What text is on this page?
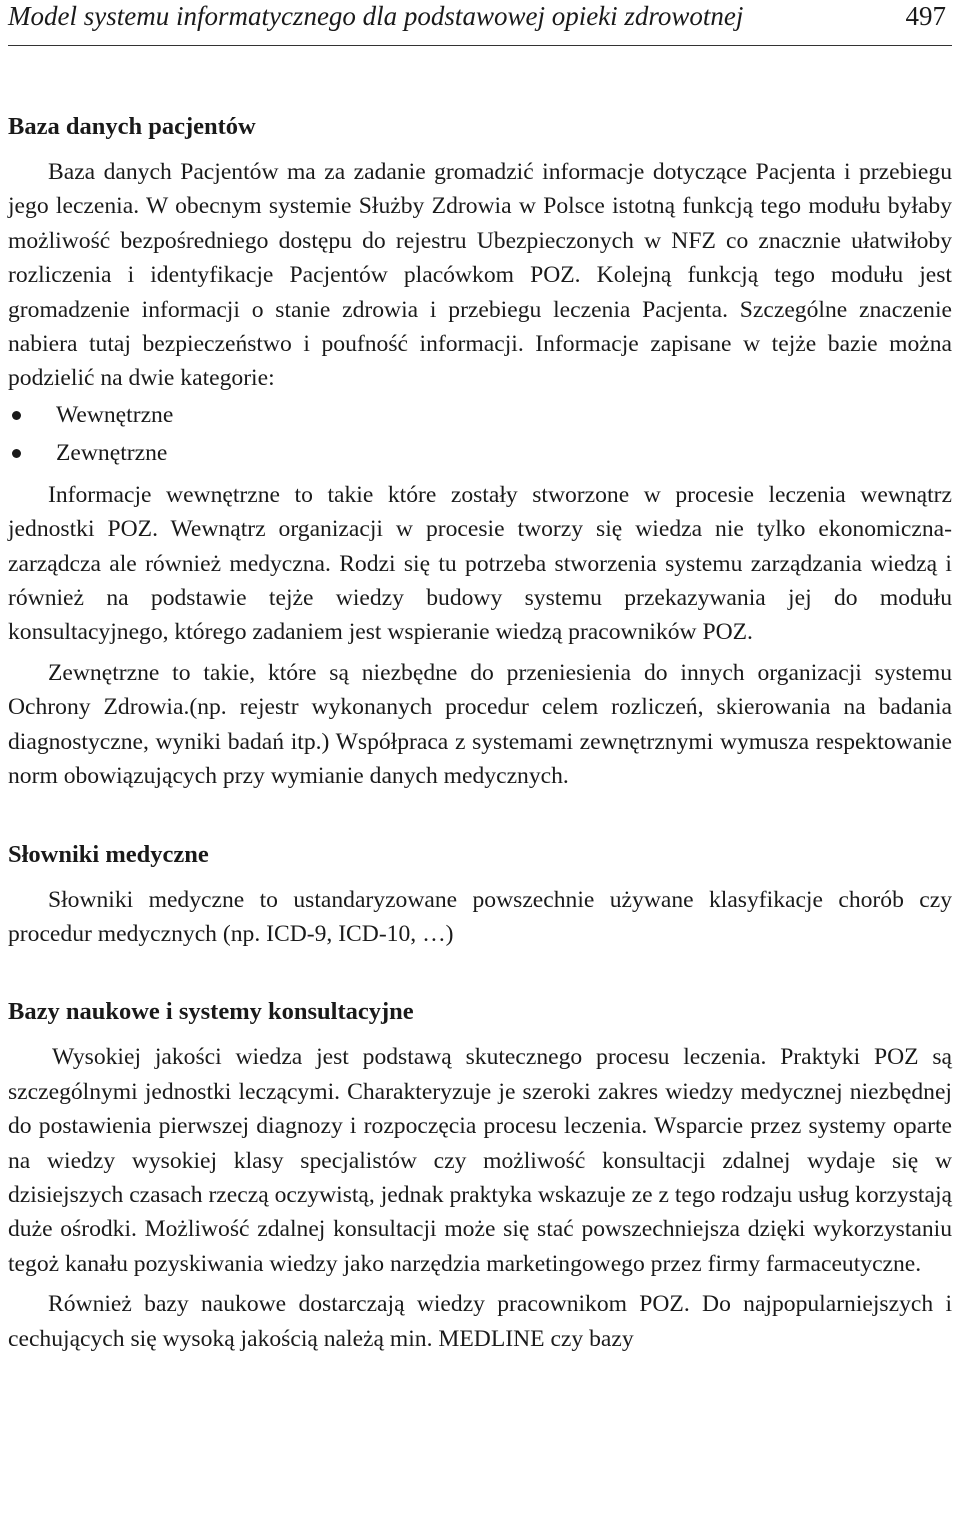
Model systemu informatycznego dla podstawowej opieki zdrowotnej	497
Baza danych pacjentów

Baza danych Pacjentów ma za zadanie gromadzić informacje dotyczące Pacjenta i przebiegu jego leczenia. W obecnym systemie Służby Zdrowia w Polsce istotną funkcją tego modułu byłaby możliwość bezpośredniego dostępu do rejestru Ubezpieczonych w NFZ co znacznie ułatwiłoby rozliczenia i identyfikacje Pacjentów placówkom POZ. Kolejną funkcją tego modułu jest gromadzenie informacji o stanie zdrowia i przebiegu leczenia Pacjenta. Szczególne znaczenie nabiera tutaj bezpieczeństwo i poufność informacji. Informacje zapisane w tejże bazie można podzielić na dwie kategorie:

Wewnętrzne
Zewnętrzne

Informacje wewnętrzne to takie które zostały stworzone w procesie leczenia wewnątrz jednostki POZ. Wewnątrz organizacji w procesie tworzy się wiedza nie tylko ekonomiczna-zarządcza ale również medyczna. Rodzi się tu potrzeba stworzenia systemu zarządzania wiedzą i również na podstawie tejże wiedzy budowy systemu przekazywania jej do modułu konsultacyjnego, którego zadaniem jest wspieranie wiedzą pracowników POZ.

Zewnętrzne to takie, które są niezbędne do przeniesienia do innych organizacji systemu Ochrony Zdrowia.(np. rejestr wykonanych procedur celem rozliczeń, skierowania na badania diagnostyczne, wyniki badań itp.) Współpraca z systemami zewnętrznymi wymusza respektowanie norm obowiązujących przy wymianie danych medycznych.

Słowniki medyczne

Słowniki medyczne to ustandaryzowane powszechnie używane klasyfikacje chorób czy procedur medycznych (np. ICD-9, ICD-10, …)

Bazy naukowe i systemy konsultacyjne

Wysokiej jakości wiedza jest podstawą skutecznego procesu leczenia. Praktyki POZ są szczególnymi jednostki leczącymi. Charakteryzuje je szeroki zakres wiedzy medycznej niezbędnej do postawienia pierwszej diagnozy i rozpoczęcia procesu leczenia. Wsparcie przez systemy oparte na wiedzy wysokiej klasy specjalistów czy możliwość konsultacji zdalnej wydaje się w dzisiejszych czasach rzeczą oczywistą, jednak praktyka wskazuje ze z tego rodzaju usług korzystają duże ośrodki. Możliwość zdalnej konsultacji może się stać powszechniejsza dzięki wykorzystaniu tegoż kanału pozyskiwania wiedzy jako narzędzia marketingowego przez firmy farmaceutyczne.

Również bazy naukowe dostarczają wiedzy pracownikom POZ. Do najpopularniejszych i cechujących się wysoką jakością należą min. MEDLINE czy bazy
